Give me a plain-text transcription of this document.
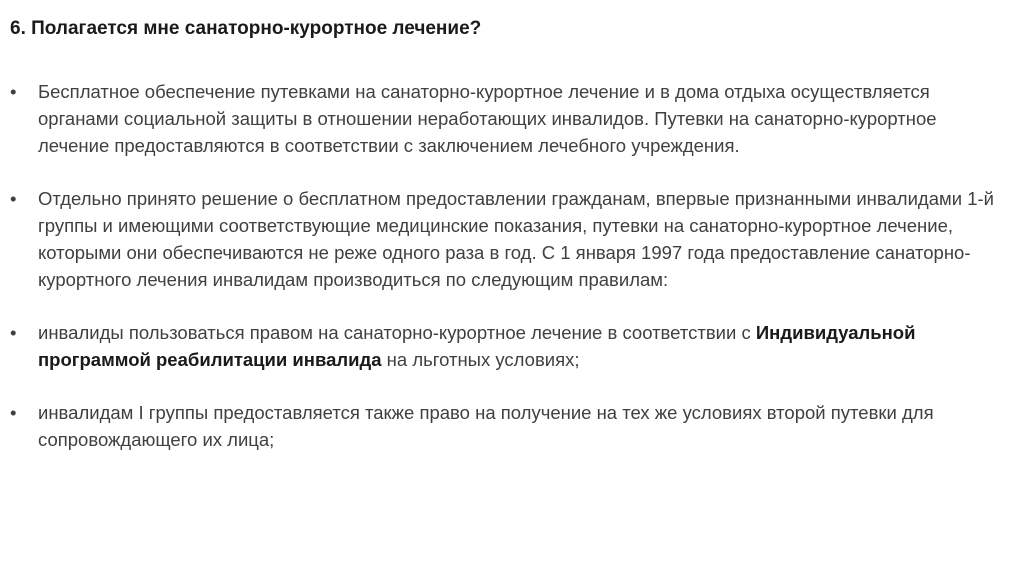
6. Полагается мне санаторно-курортное лечение?
•	Бесплатное обеспечение путевками на санаторно-курортное лечение и в дома отдыха осуществляется органами социальной защиты в отношении неработающих инвалидов. Путевки на санаторно-курортное лечение предоставляются в соответствии с заключением лечебного учреждения.
•	Отдельно принято решение о бесплатном предоставлении гражданам, впервые признанными инвалидами 1-й группы и имеющими соответствующие медицинские показания, путевки на санаторно-курортное лечение, которыми они обеспечиваются не реже одного раза в год. С 1 января 1997 года предоставление санаторно-курортного лечения инвалидам производиться по следующим правилам:
•	инвалиды пользоваться правом на санаторно-курортное лечение в соответствии с Индивидуальной программой реабилитации инвалида на льготных условиях;
•	инвалидам I группы предоставляется также право на получение на тех же условиях второй путевки для сопровождающего их лица;
